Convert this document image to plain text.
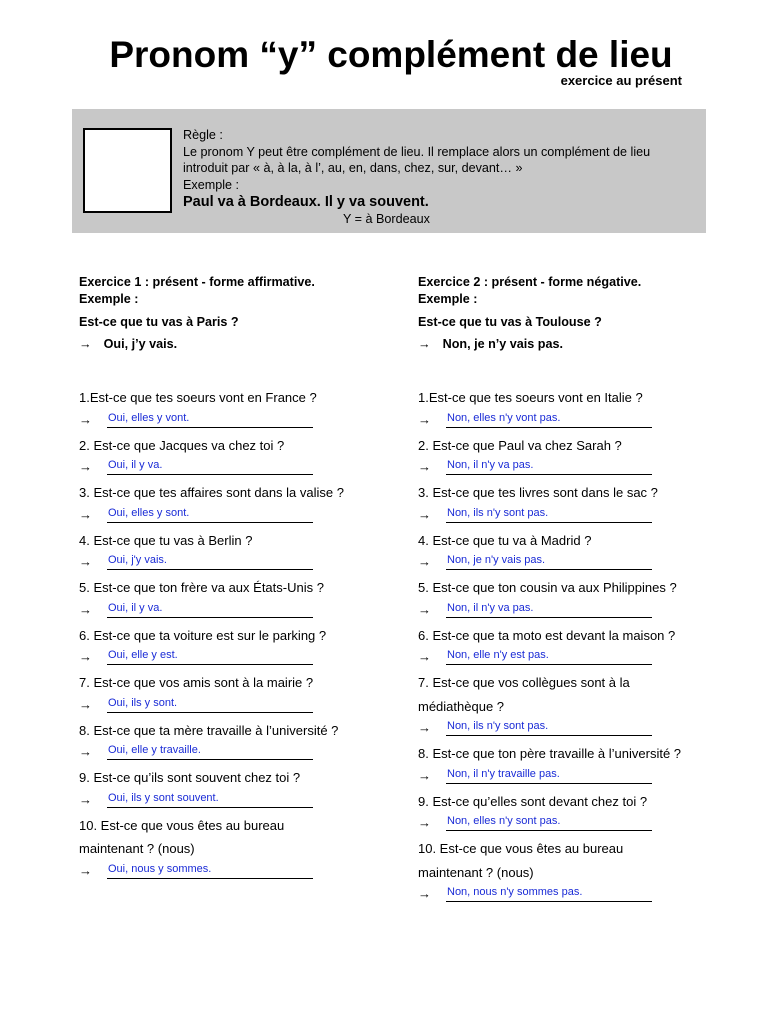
Pronom “y” complément de lieu
exercice au présent
Règle :
Le pronom Y peut être complément de lieu. Il remplace alors un complément de lieu introduit par « à, à la, à l’, au, en, dans, chez, sur, devant… »
Exemple :
Paul va à Bordeaux. Il y va souvent.
Y = à Bordeaux
Exercice 1 : présent - forme affirmative.
Exemple :
Est-ce que tu vas à Paris ?
→ Oui, j’y vais.
1.Est-ce que tes soeurs vont en France ?
→ Oui, elles y vont.
2. Est-ce que Jacques va chez toi ?
→ Oui, il y va.
3. Est-ce que tes affaires sont dans la valise ?
→ Oui, elles y sont.
4. Est-ce que tu vas à Berlin ?
→ Oui, j'y vais.
5. Est-ce que ton frère va aux États-Unis ?
→ Oui, il y va.
6. Est-ce que ta voiture est sur le parking ?
→ Oui, elle y est.
7. Est-ce que vos amis sont à la mairie ?
→ Oui, ils y sont.
8. Est-ce que ta mère travaille à l’université ?
→ Oui, elle y travaille.
9. Est-ce qu’ils sont souvent chez toi ?
→ Oui, ils y sont souvent.
10. Est-ce que vous êtes au bureau
maintenant ? (nous)
→ Oui, nous y sommes.
Exercice 2 : présent - forme négative.
Exemple :
Est-ce que tu vas à Toulouse ?
→ Non, je n’y vais pas.
1.Est-ce que tes soeurs vont en Italie ?
→ Non, elles n'y vont pas.
2. Est-ce que Paul va chez Sarah ?
→ Non, il n'y va pas.
3. Est-ce que tes livres sont dans le sac ?
→ Non, ils n'y sont pas.
4. Est-ce que tu va à Madrid ?
→ Non, je n'y vais pas.
5. Est-ce que ton cousin va aux Philippines ?
→ Non, il n'y va pas.
6. Est-ce que ta moto est devant la maison ?
→ Non, elle n'y est pas.
7. Est-ce que vos collègues sont à la
médiathèque ?
→ Non, ils n'y sont pas.
8. Est-ce que ton père travaille à l’université ?
→ Non, il n'y travaille pas.
9. Est-ce qu’elles sont devant chez toi ?
→ Non, elles n'y sont pas.
10. Est-ce que vous êtes au bureau
maintenant ? (nous)
→ Non, nous n'y sommes pas.
